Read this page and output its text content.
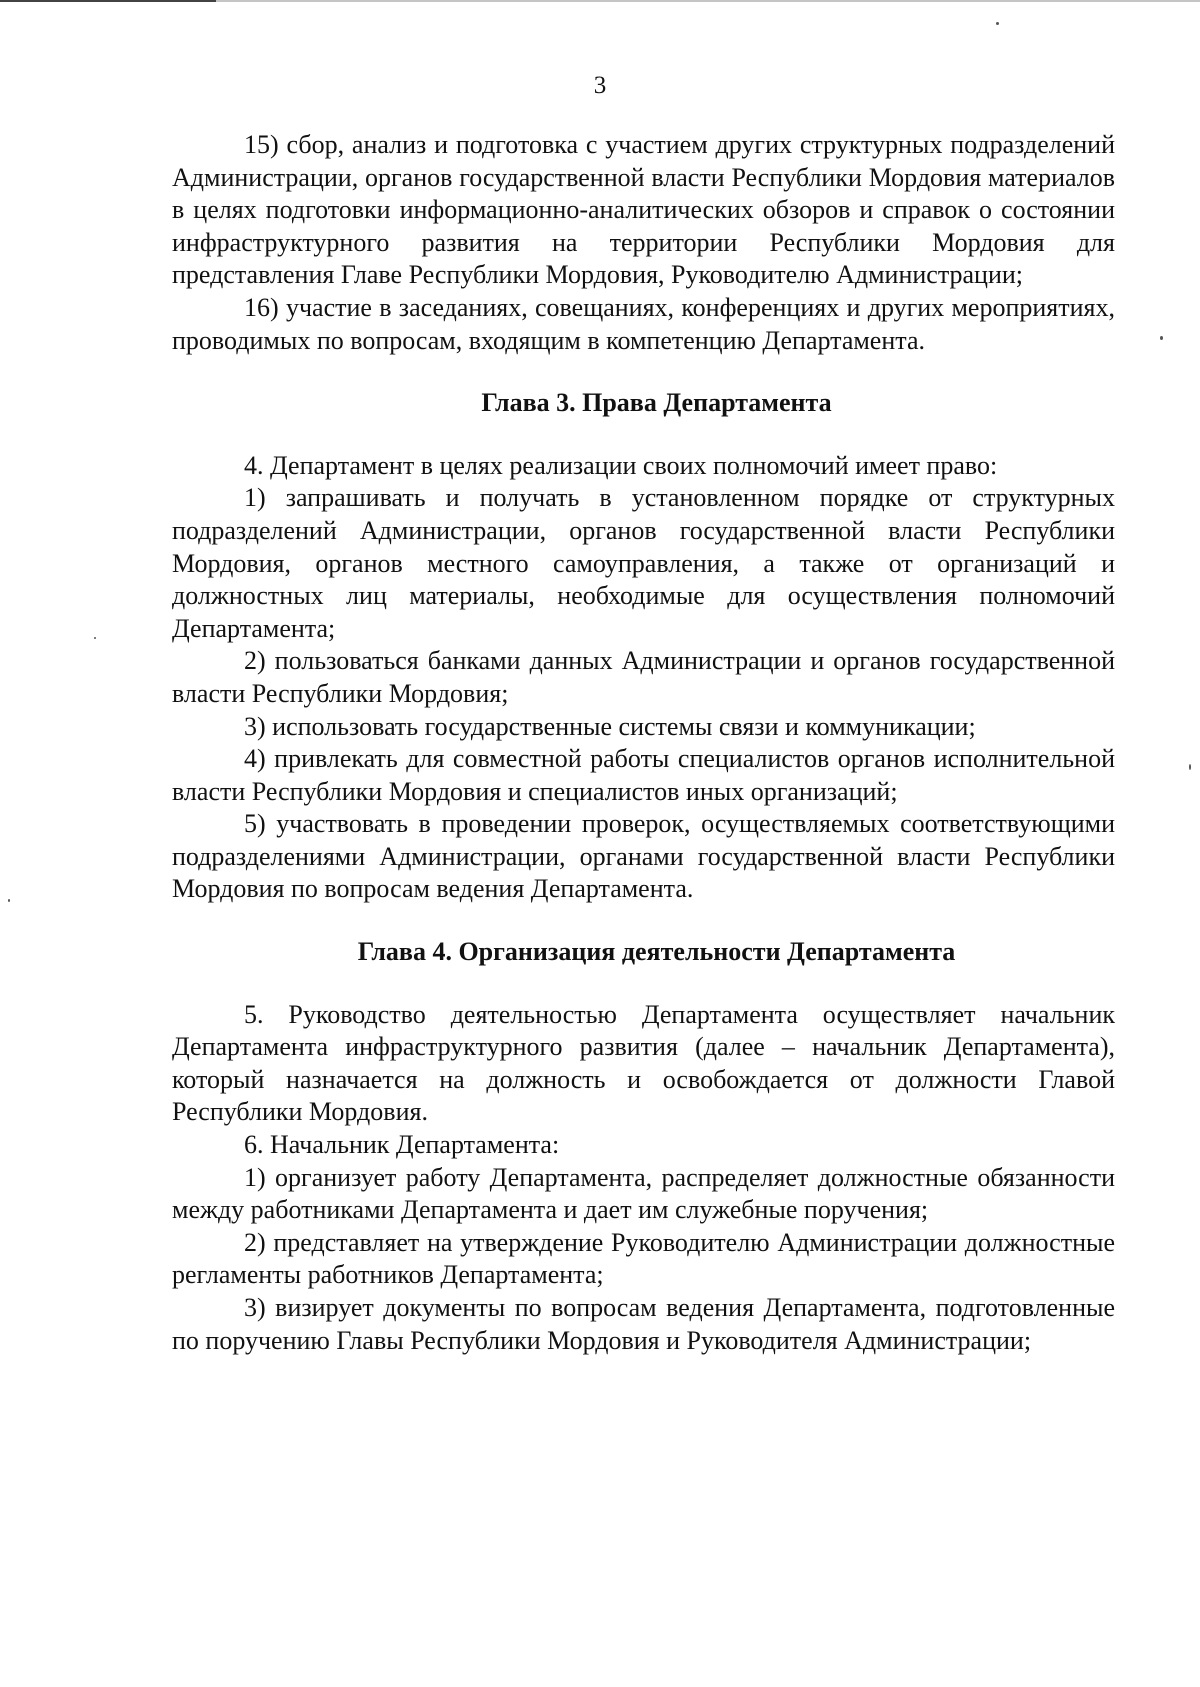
3

15) сбор, анализ и подготовка с участием других структурных подразделений Администрации, органов государственной власти Республики Мордовия материалов в целях подготовки информационно-аналитических обзоров и справок о состоянии инфраструктурного развития на территории Республики Мордовия для представления Главе Республики Мордовия, Руководителю Администрации;

16) участие в заседаниях, совещаниях, конференциях и других мероприятиях, проводимых по вопросам, входящим в компетенцию Департамента.

Глава 3. Права Департамента

4. Департамент в целях реализации своих полномочий имеет право:

1) запрашивать и получать в установленном порядке от структурных подразделений Администрации, органов государственной власти Республики Мордовия, органов местного самоуправления, а также от организаций и должностных лиц материалы, необходимые для осуществления полномочий Департамента;

2) пользоваться банками данных Администрации и органов государственной власти Республики Мордовия;

3) использовать государственные системы связи и коммуникации;

4) привлекать для совместной работы специалистов органов исполнительной власти Республики Мордовия и специалистов иных организаций;

5) участвовать в проведении проверок, осуществляемых соответствующими подразделениями Администрации, органами государственной власти Республики Мордовия по вопросам ведения Департамента.

Глава 4. Организация деятельности Департамента

5. Руководство деятельностью Департамента осуществляет начальник Департамента инфраструктурного развития (далее – начальник Департамента), который назначается на должность и освобождается от должности Главой Республики Мордовия.

6. Начальник Департамента:

1) организует работу Департамента, распределяет должностные обязанности между работниками Департамента и дает им служебные поручения;

2) представляет на утверждение Руководителю Администрации должностные регламенты работников Департамента;

3) визирует документы по вопросам ведения Департамента, подготовленные по поручению Главы Республики Мордовия и Руководителя Администрации;
